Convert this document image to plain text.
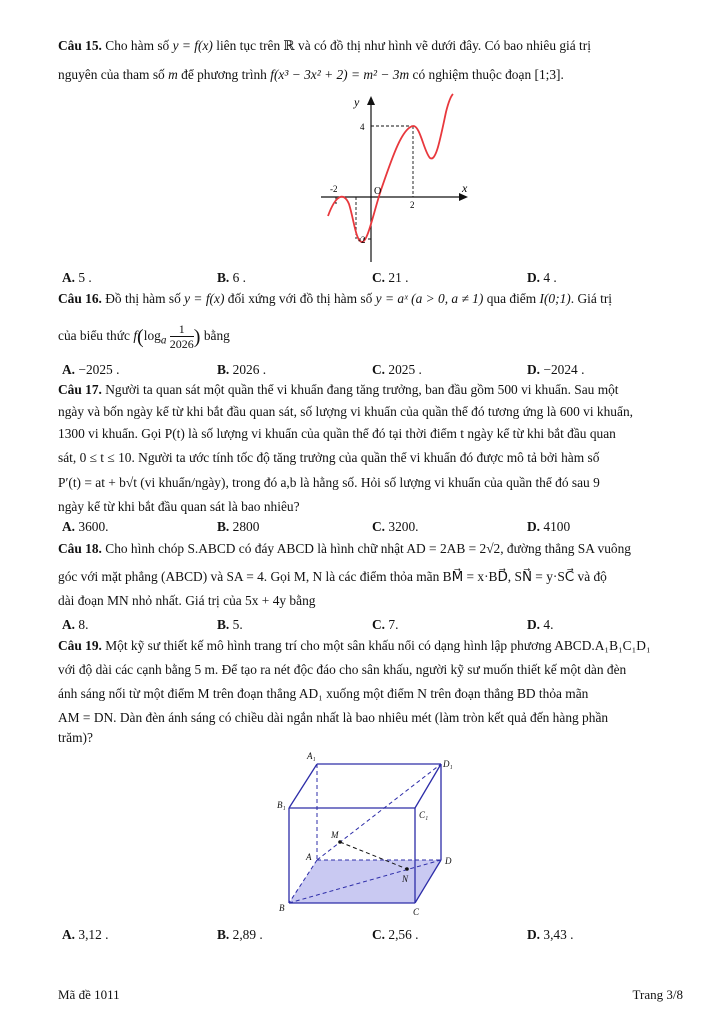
Câu 15. Cho hàm số y = f(x) liên tục trên ℝ và có đồ thị như hình vẽ dưới đây. Có bao nhiêu giá trị
nguyên của tham số m để phương trình f(x³ − 3x² + 2) = m² − 3m có nghiệm thuộc đoạn [1;3].
y
x
O
4
-2
2
-2
A. 5 .	B. 6 .	C. 21 .	D. 4 .
Câu 16. Đồ thị hàm số y = f(x) đối xứng với đồ thị hàm số y = aˣ (a > 0, a ≠ 1) qua điểm I(0;1). Giá trị
của biểu thức $f(\log_a \frac{1}{2026}$ ) bằng
A. −2025 .	B. 2026 .	C. 2025 .	D. −2024 .
Câu 17. Người ta quan sát một quần thể vi khuẩn đang tăng trưởng, ban đầu gồm 500 vi khuẩn. Sau một
ngày và bốn ngày kể từ khi bắt đầu quan sát, số lượng vi khuẩn của quần thể đó tương ứng là 600 vi khuẩn,
1300 vi khuẩn. Gọi P(t) là số lượng vi khuẩn của quần thể đó tại thời điểm t ngày kể từ khi bắt đầu quan
sát, 0 ≤ t ≤ 10. Người ta ước tính tốc độ tăng trưởng của quần thể vi khuẩn đó được mô tả bởi hàm số
P′(t) = at + b√t (vi khuẩn/ngày), trong đó a,b là hằng số. Hỏi số lượng vi khuẩn của quần thể đó sau 9
ngày kể từ khi bắt đầu quan sát là bao nhiêu?
A. 3600.	B. 2800	C. 3200.	D. 4100
Câu 18. Cho hình chóp S.ABCD có đáy ABCD là hình chữ nhật AD = 2AB = 2√2, đường thẳng SA vuông
góc với mặt phẳng (ABCD) và SA = 4. Gọi M, N là các điểm thỏa mãn BM⃗ = x·BD⃗, SN⃗ = y·SC⃗ và độ
dài đoạn MN nhỏ nhất. Giá trị của 5x + 4y bằng
A. 8.	B. 5.	C. 7.	D. 4.
Câu 19. Một kỹ sư thiết kế mô hình trang trí cho một sân khấu nổi có dạng hình lập phương ABCD.A₁B₁C₁D₁
với độ dài các cạnh bằng 5 m. Để tạo ra nét độc đáo cho sân khấu, người kỹ sư muốn thiết kế một dàn đèn
ánh sáng nối từ một điểm M trên đoạn thẳng AD₁ xuống một điểm N trên đoạn thẳng BD thỏa mãn
AM = DN. Dàn đèn ánh sáng có chiều dài ngắn nhất là bao nhiêu mét (làm tròn kết quả đến hàng phần
trăm)?
A₁
D₁
B₁
C₁
A	D
B	C
M
N
A. 3,12 .	B. 2,89 .	C. 2,56 .	D. 3,43 .
Mã đề 1011	Trang 3/8
